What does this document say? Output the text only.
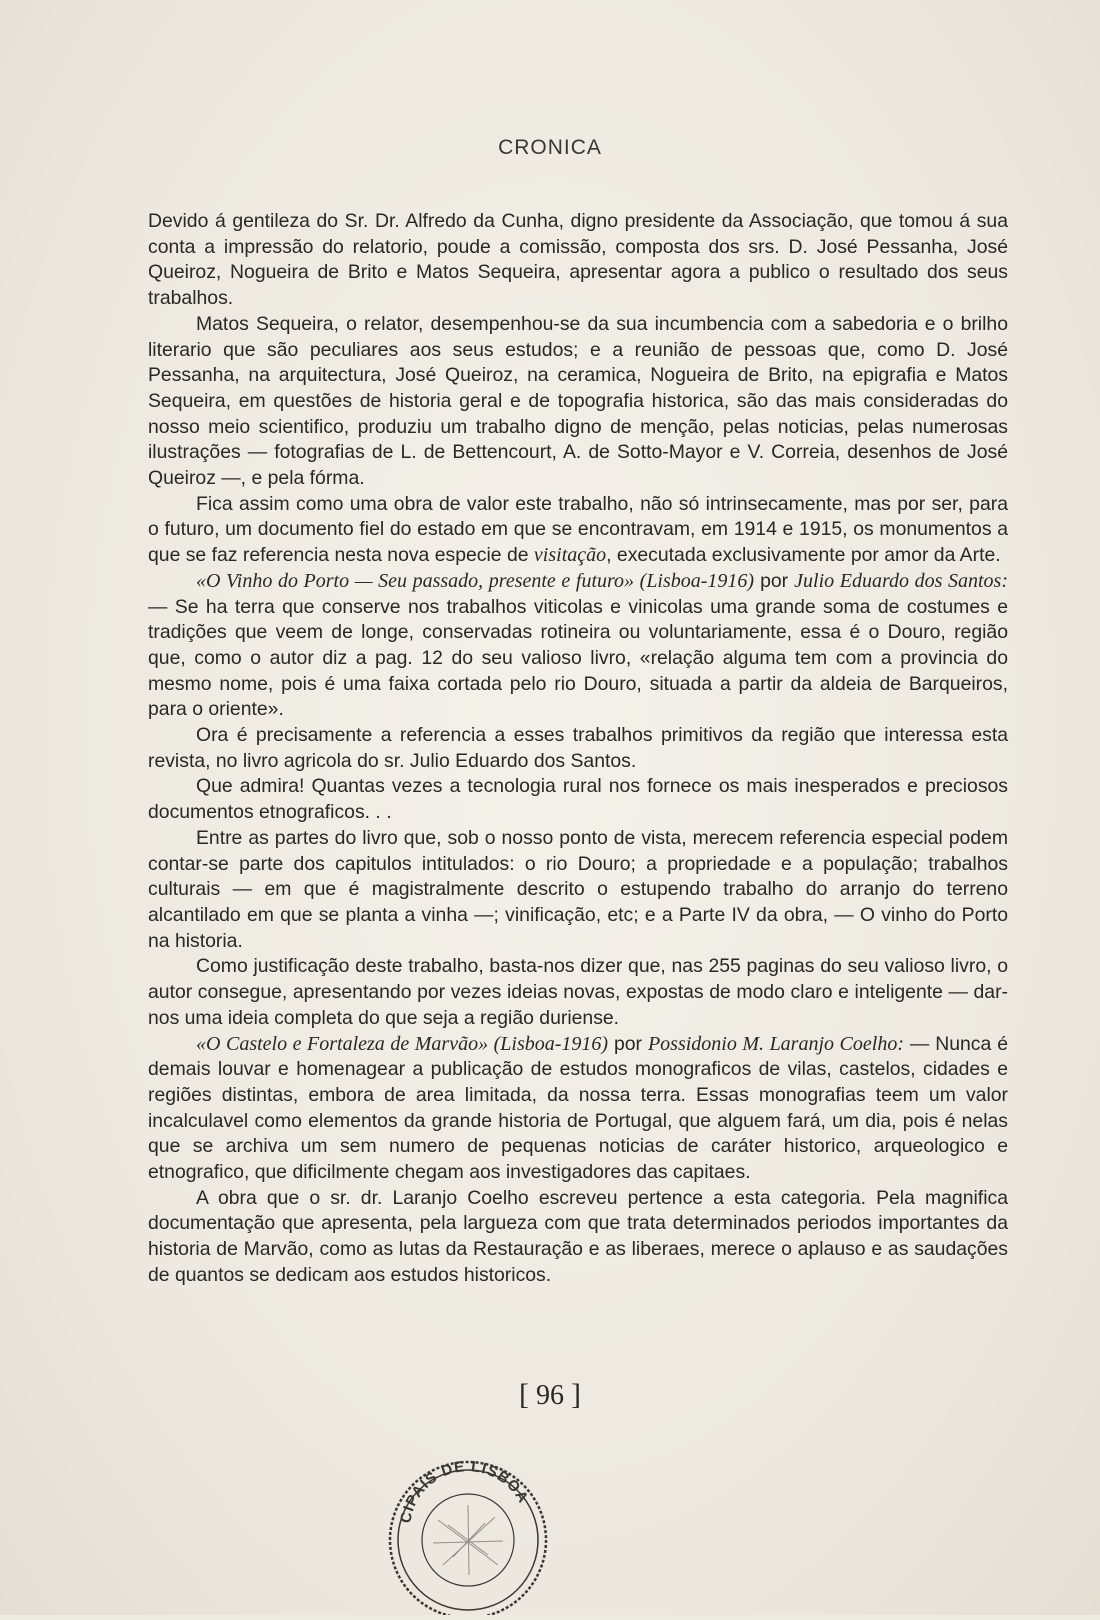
CRONICA

Devido á gentileza do Sr. Dr. Alfredo da Cunha, digno presidente da Associação, que tomou á sua conta a impressão do relatorio, poude a comissão, composta dos srs. D. José Pessanha, José Queiroz, Nogueira de Brito e Matos Sequeira, apresentar agora a publico o resultado dos seus trabalhos.

Matos Sequeira, o relator, desempenhou-se da sua incumbencia com a sabedoria e o brilho literario que são peculiares aos seus estudos; e a reunião de pessoas que, como D. José Pessanha, na arquitectura, José Queiroz, na ceramica, Nogueira de Brito, na epigrafia e Matos Sequeira, em questões de historia geral e de topografia historica, são das mais consideradas do nosso meio scientifico, produziu um trabalho digno de menção, pelas noticias, pelas numerosas ilustrações — fotografias de L. de Bettencourt, A. de Sotto-Mayor e V. Correia, desenhos de José Queiroz —, e pela fórma.

Fica assim como uma obra de valor este trabalho, não só intrinsecamente, mas por ser, para o futuro, um documento fiel do estado em que se encontravam, em 1914 e 1915, os monumentos a que se faz referencia nesta nova especie de visitação, executada exclusivamente por amor da Arte.

«O Vinho do Porto — Seu passado, presente e futuro» (Lisboa-1916) por Julio Eduardo dos Santos: — Se ha terra que conserve nos trabalhos viticolas e vinicolas uma grande soma de costumes e tradições que veem de longe, conservadas rotineira ou voluntariamente, essa é o Douro, região que, como o autor diz a pag. 12 do seu valioso livro, «relação alguma tem com a provincia do mesmo nome, pois é uma faixa cortada pelo rio Douro, situada a partir da aldeia de Barqueiros, para o oriente».

Ora é precisamente a referencia a esses trabalhos primitivos da região que interessa esta revista, no livro agricola do sr. Julio Eduardo dos Santos.

Que admira! Quantas vezes a tecnologia rural nos fornece os mais inesperados e preciosos documentos etnograficos. . .

Entre as partes do livro que, sob o nosso ponto de vista, merecem referencia especial podem contar-se parte dos capitulos intitulados: o rio Douro; a propriedade e a população; trabalhos culturais — em que é magistralmente descrito o estupendo trabalho do arranjo do terreno alcantilado em que se planta a vinha —; vinificação, etc; e a Parte IV da obra, — O vinho do Porto na historia.

Como justificação deste trabalho, basta-nos dizer que, nas 255 paginas do seu valioso livro, o autor consegue, apresentando por vezes ideias novas, expostas de modo claro e inteligente — dar-nos uma ideia completa do que seja a região duriense.

«O Castelo e Fortaleza de Marvão» (Lisboa-1916) por Possidonio M. Laranjo Coelho: — Nunca é demais louvar e homenagear a publicação de estudos monograficos de vilas, castelos, cidades e regiões distintas, embora de area limitada, da nossa terra. Essas monografias teem um valor incalculavel como elementos da grande historia de Portugal, que alguem fará, um dia, pois é nelas que se archiva um sem numero de pequenas noticias de caráter historico, arqueologico e etnografico, que dificilmente chegam aos investigadores das capitaes.

A obra que o sr. dr. Laranjo Coelho escreveu pertence a esta categoria. Pela magnifica documentação que apresenta, pela largueza com que trata determinados periodos importantes da historia de Marvão, como as lutas da Restauração e as liberaes, merece o aplauso e as saudações de quantos se dedicam aos estudos historicos.

[ 96 ]
CIPAIS DE LISBOA
